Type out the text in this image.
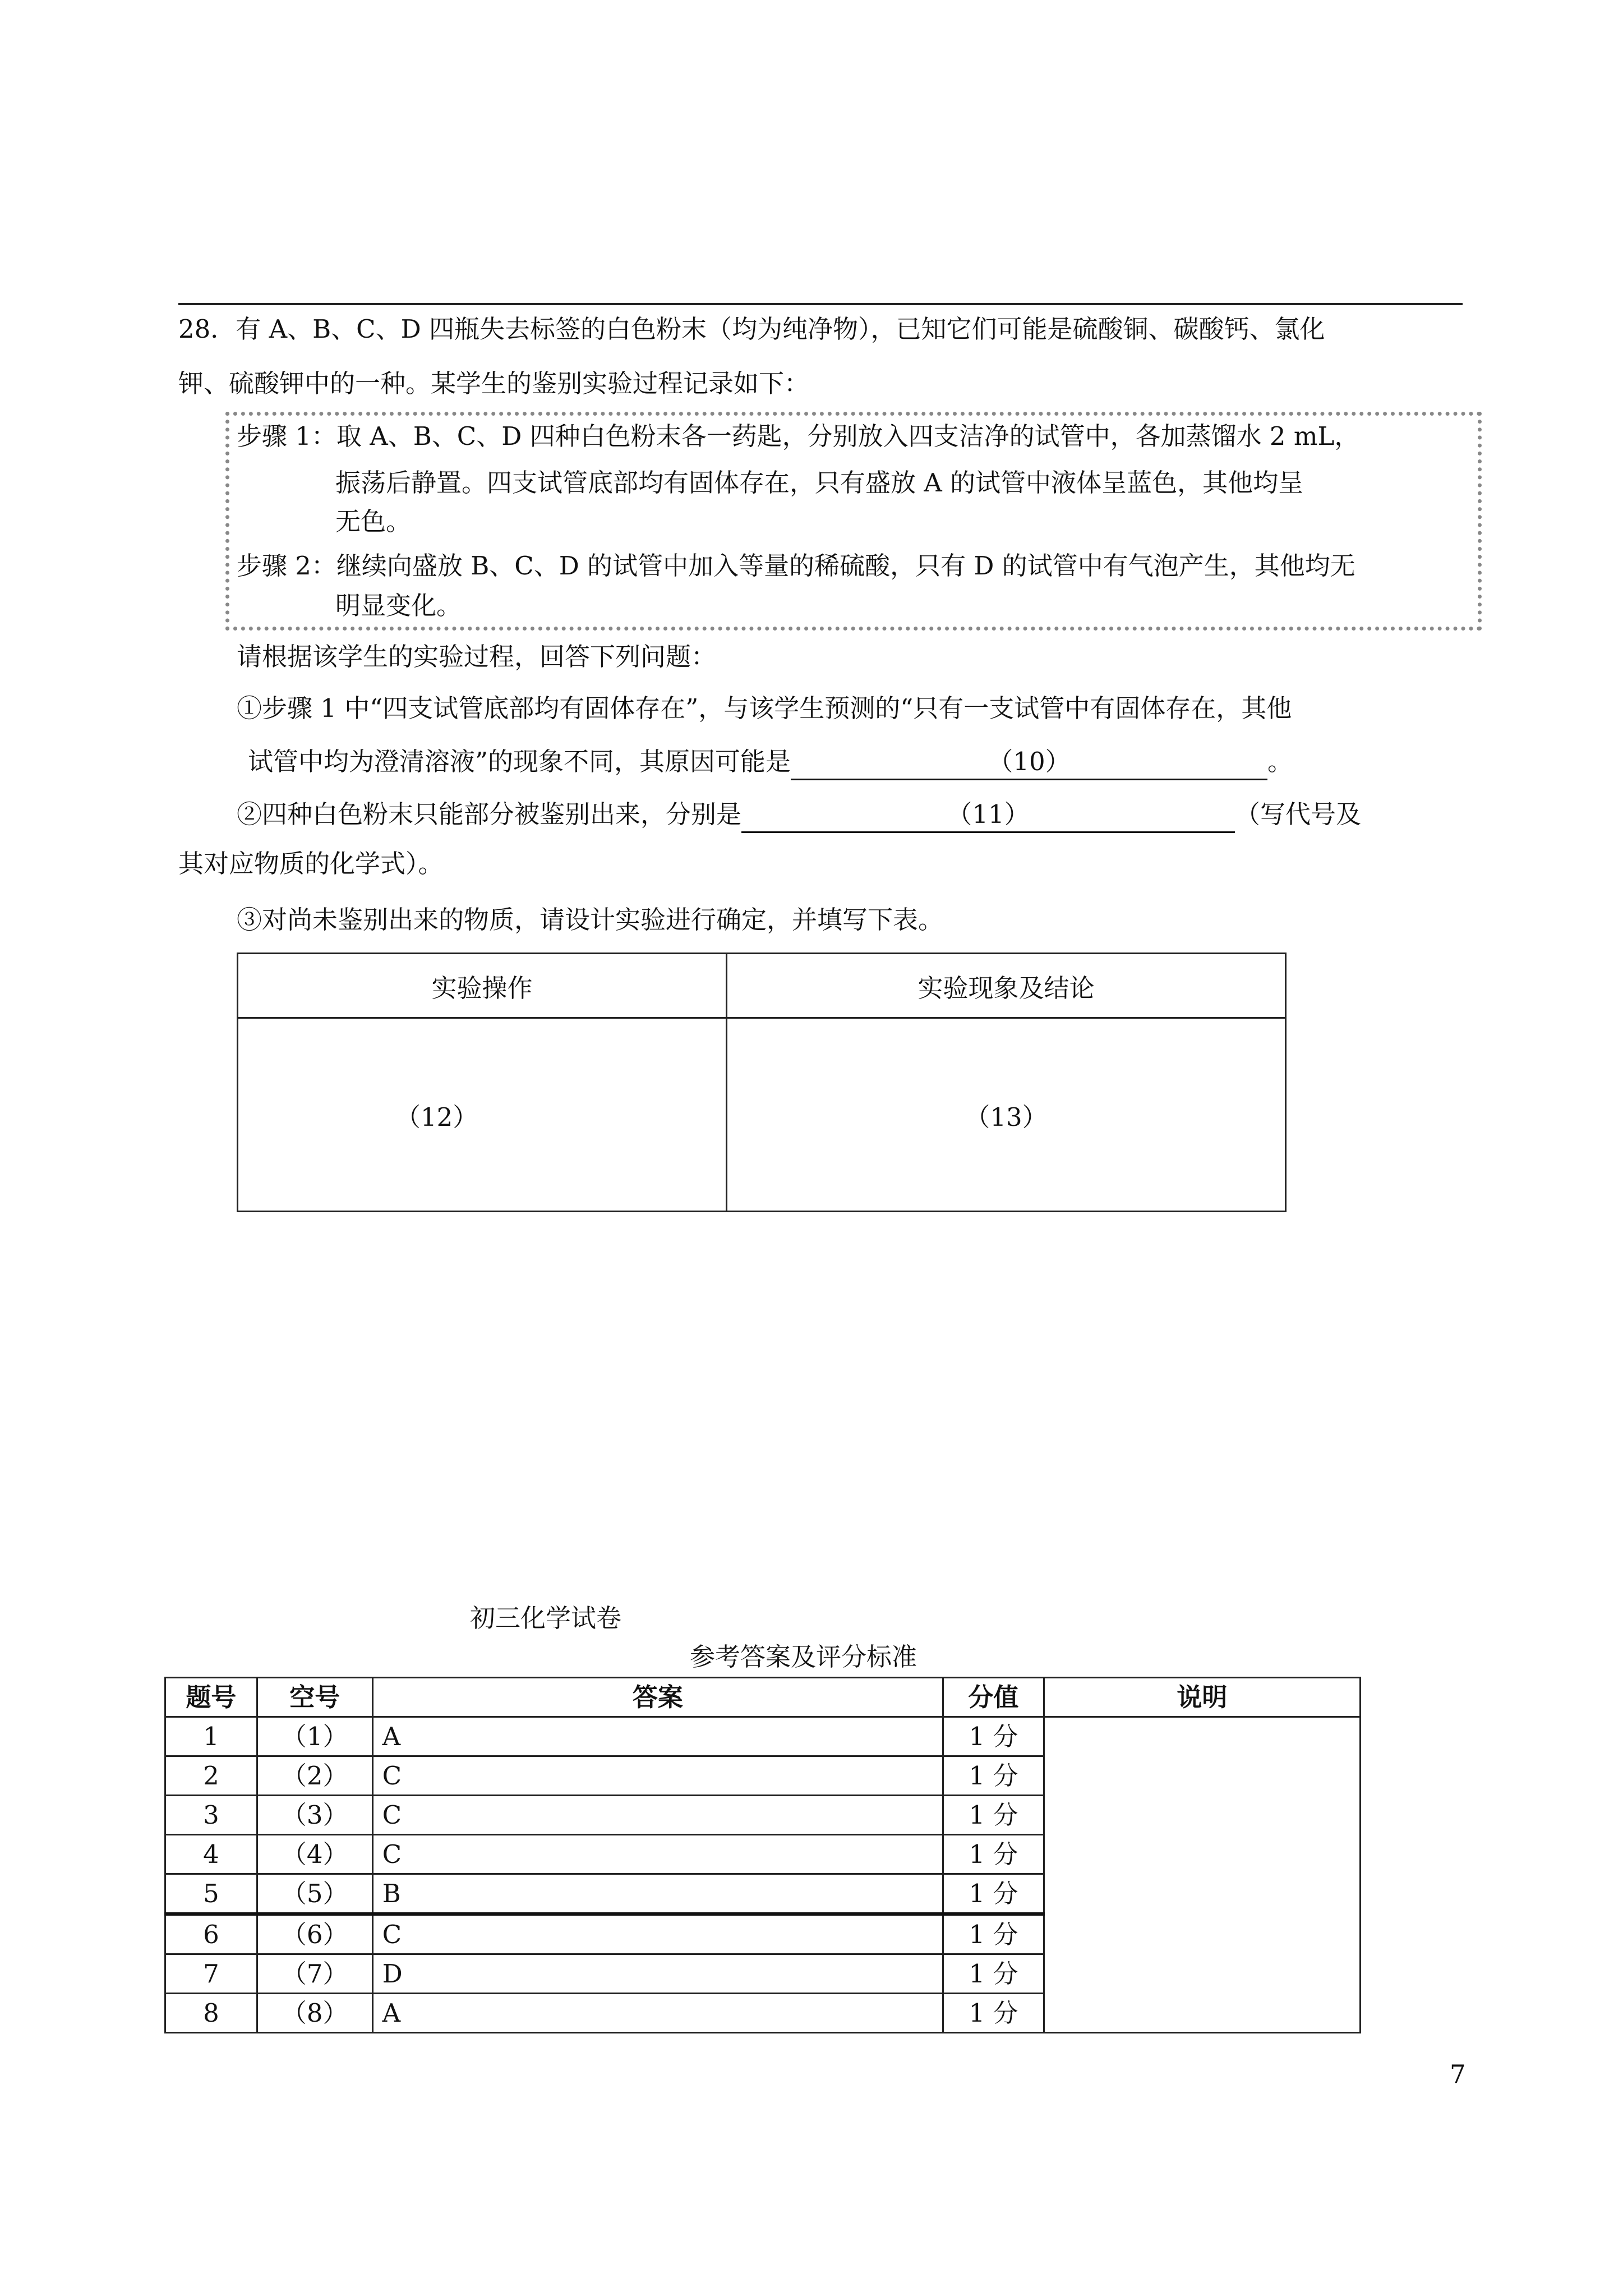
28．有 A、B、C、D 四瓶失去标签的白色粉末（均为纯净物），已知它们可能是硫酸铜、碳酸钙、氯化
钾、硫酸钾中的一种。某学生的鉴别实验过程记录如下：
步骤 1：取 A、B、C、D 四种白色粉末各一药匙，分别放入四支洁净的试管中，各加蒸馏水 2 mL，
振荡后静置。四支试管底部均有固体存在，只有盛放 A 的试管中液体呈蓝色，其他均呈
无色。
步骤 2：继续向盛放 B、C、D 的试管中加入等量的稀硫酸，只有 D 的试管中有气泡产生，其他均无
明显变化。
请根据该学生的实验过程，回答下列问题：
①步骤 1 中“四支试管底部均有固体存在”，与该学生预测的“只有一支试管中有固体存在，其他
试管中均为澄清溶液”的现象不同，其原因可能是	（10）	。
②四种白色粉末只能部分被鉴别出来，分别是	（11）	（写代号及
其对应物质的化学式）。
③对尚未鉴别出来的物质，请设计实验进行确定，并填写下表。
实验操作	实验现象及结论
（12）	（13）
初三化学试卷
参考答案及评分标准
题号	空号	答案	分值	说明
1	（1）	A	1 分	
2	（2）	C	1 分	
3	（3）	C	1 分	
4	（4）	C	1 分	
5	（5）	B	1 分	
6	（6）	C	1 分	
7	（7）	D	1 分	
8	（8）	A	1 分	
7
